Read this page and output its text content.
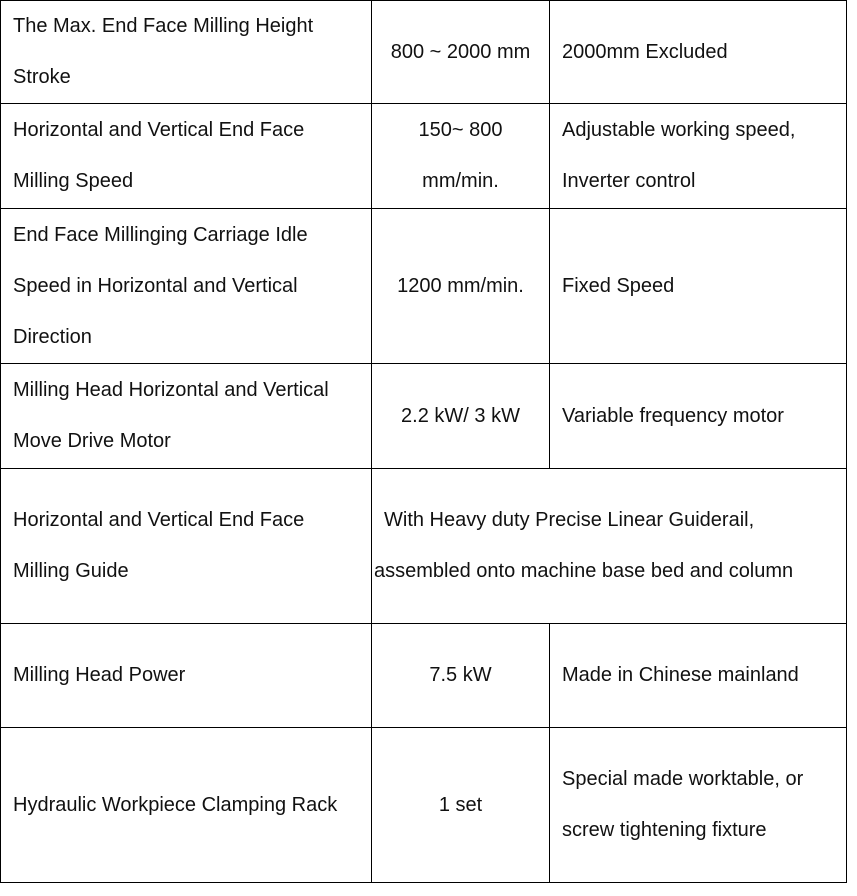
The Max. End Face Milling Height Stroke	800 ~ 2000 mm	2000mm Excluded
Horizontal and Vertical End Face Milling Speed	150~ 800 mm/min.	Adjustable working speed, Inverter control
End Face Millinging Carriage Idle Speed in Horizontal and Vertical Direction	1200 mm/min.	Fixed Speed
Milling Head Horizontal and Vertical Move Drive Motor	2.2 kW/ 3 kW	Variable frequency motor
Horizontal and Vertical End Face Milling Guide	With Heavy duty Precise Linear Guiderail, assembled onto machine base bed and column	
Milling Head Power	7.5 kW	Made in Chinese mainland
Hydraulic Workpiece Clamping Rack	1 set	Special made worktable, or screw tightening fixture
